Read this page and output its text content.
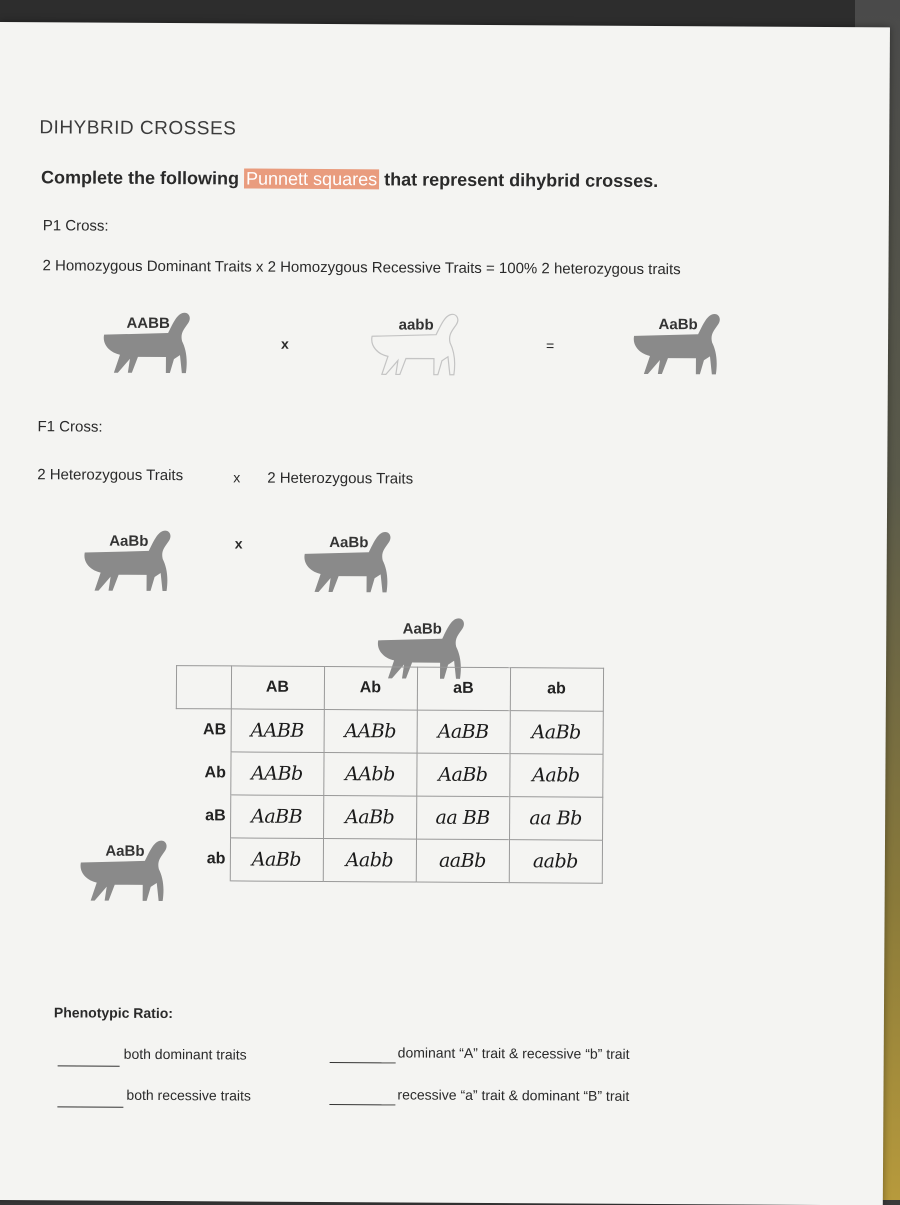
DIHYBRID CROSSES
Complete the following Punnett squares that represent dihybrid crosses.
P1 Cross:
2 Homozygous Dominant Traits x 2 Homozygous Recessive Traits = 100% 2 heterozygous traits
AABB
x
aabb
=
AaBb
F1 Cross:
2 Heterozygous Traits	x 2 Heterozygous Traits
AaBb	x	AaBb
AaBb
AaBb
	AB	Ab	aB	ab
AB	AABB	AABb	AaBB	AaBb
Ab	AABb	AAbb	AaBb	Aabb
aB	AaBB	AaBb	aa BB	aa Bb
ab	AaBb	Aabb	aaBb	aabb
Phenotypic Ratio:
both dominant traits	dominant “A” trait & recessive “b” trait
both recessive traits	recessive “a” trait & dominant “B” trait
